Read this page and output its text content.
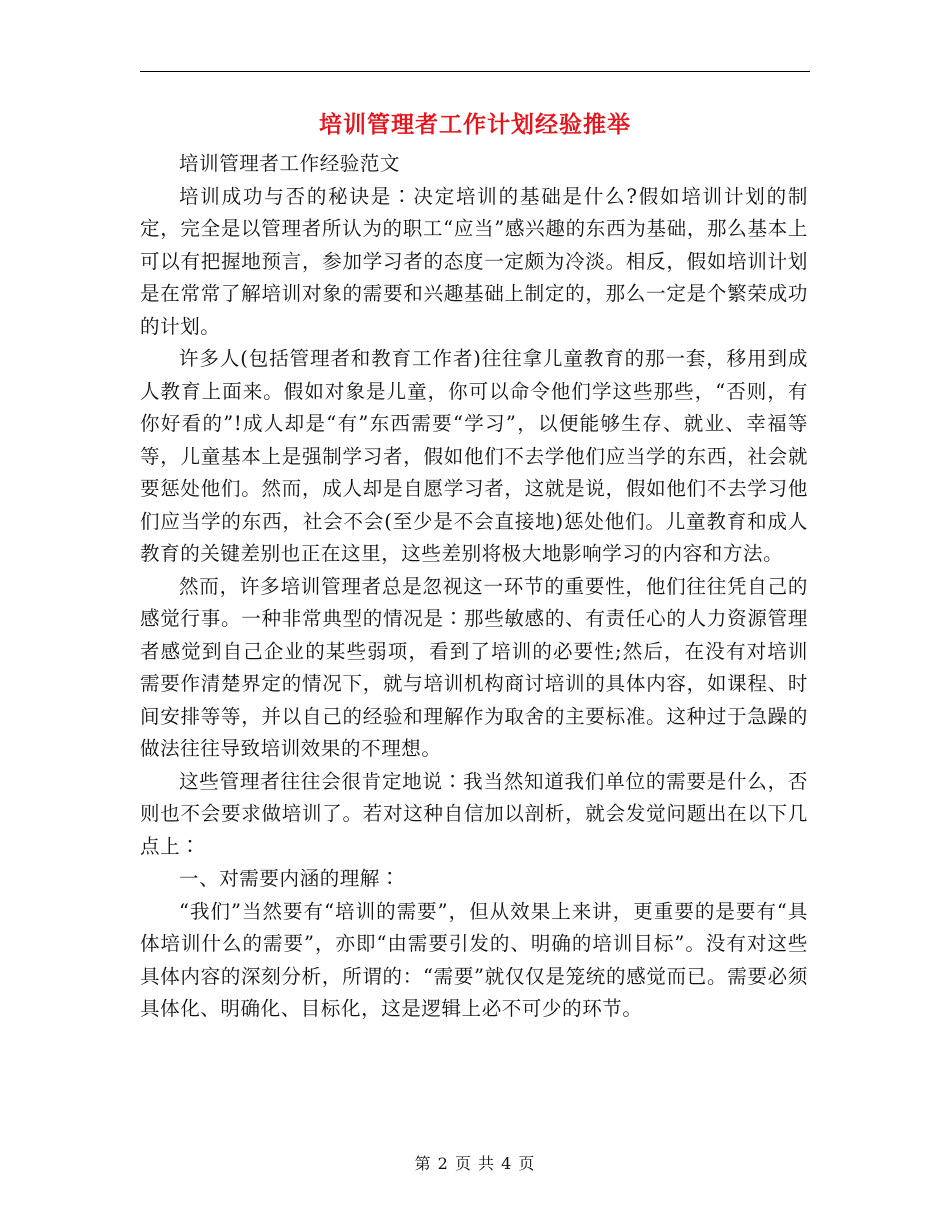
培训管理者工作计划经验推举

培训管理者工作经验范文

培训成功与否的秘诀是∶决定培训的基础是什么?假如培训计划的制定，完全是以管理者所认为的职工“应当”感兴趣的东西为基础，那么基本上可以有把握地预言，参加学习者的态度一定颇为冷淡。相反，假如培训计划是在常常了解培训对象的需要和兴趣基础上制定的，那么一定是个繁荣成功的计划。

许多人(包括管理者和教育工作者)往往拿儿童教育的那一套，移用到成人教育上面来。假如对象是儿童，你可以命令他们学这些那些，“否则，有你好看的”!成人却是“有”东西需要“学习”，以便能够生存、就业、幸福等等，儿童基本上是强制学习者，假如他们不去学他们应当学的东西，社会就要惩处他们。然而，成人却是自愿学习者，这就是说，假如他们不去学习他们应当学的东西，社会不会(至少是不会直接地)惩处他们。儿童教育和成人教育的关键差别也正在这里，这些差别将极大地影响学习的内容和方法。

然而，许多培训管理者总是忽视这一环节的重要性，他们往往凭自己的感觉行事。一种非常典型的情况是∶那些敏感的、有责任心的人力资源管理者感觉到自己企业的某些弱项，看到了培训的必要性;然后，在没有对培训需要作清楚界定的情况下，就与培训机构商讨培训的具体内容，如课程、时间安排等等，并以自己的经验和理解作为取舍的主要标准。这种过于急躁的做法往往导致培训效果的不理想。

这些管理者往往会很肯定地说∶我当然知道我们单位的需要是什么，否则也不会要求做培训了。若对这种自信加以剖析，就会发觉问题出在以下几点上∶

一、对需要内涵的理解∶

“我们”当然要有“培训的需要”，但从效果上来讲，更重要的是要有“具体培训什么的需要”，亦即“由需要引发的、明确的培训目标”。没有对这些具体内容的深刻分析，所谓的：“需要”就仅仅是笼统的感觉而已。需要必须具体化、明确化、目标化，这是逻辑上必不可少的环节。

第 2 页 共 4 页
